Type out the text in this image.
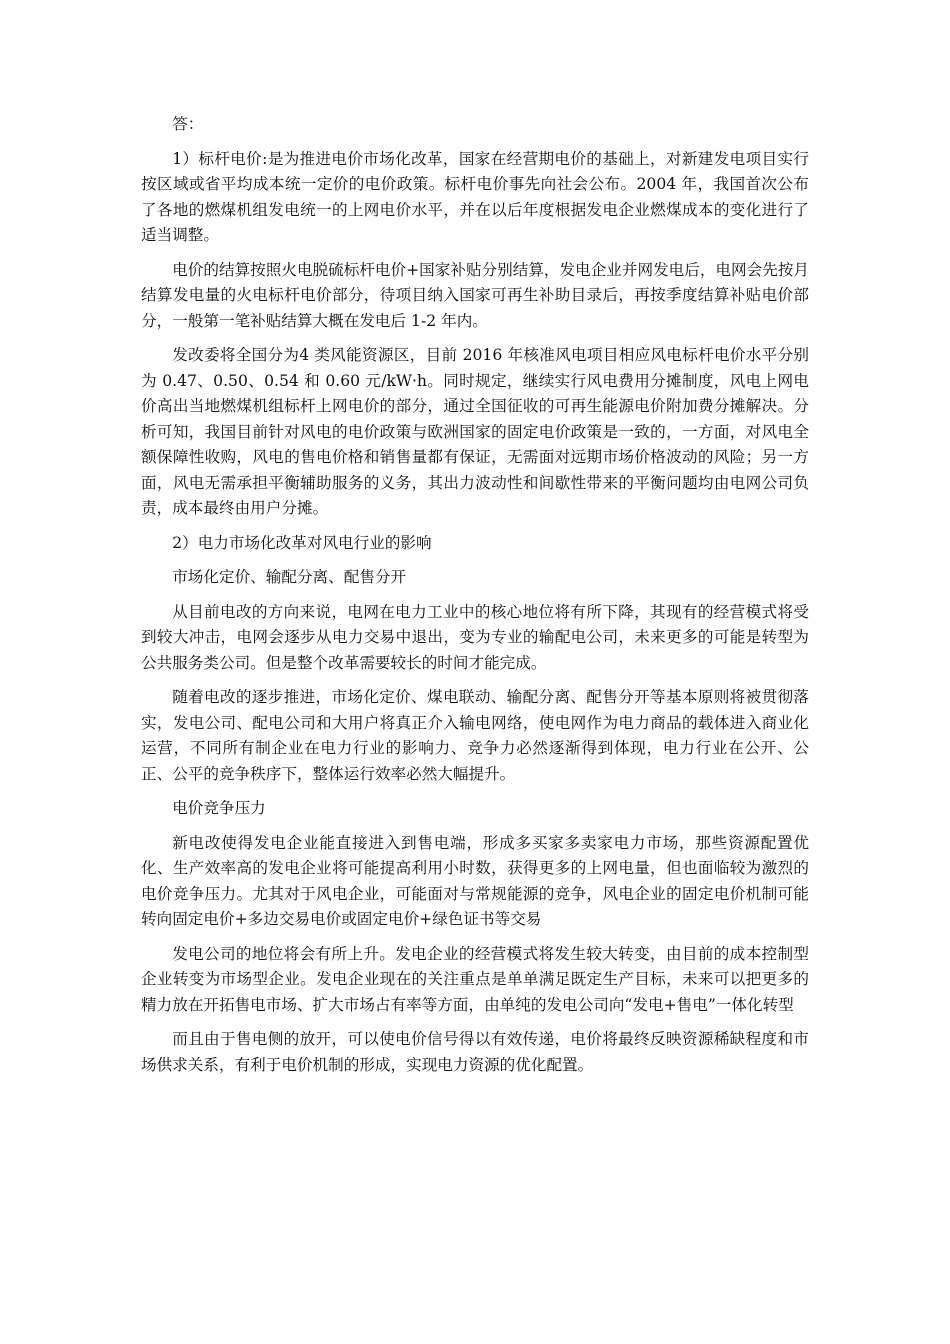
答：

1）标杆电价:是为推进电价市场化改革，国家在经营期电价的基础上，对新建发电项目实行按区域或省平均成本统一定价的电价政策。标杆电价事先向社会公布。2004 年，我国首次公布了各地的燃煤机组发电统一的上网电价水平，并在以后年度根据发电企业燃煤成本的变化进行了适当调整。

电价的结算按照火电脱硫标杆电价+国家补贴分别结算，发电企业并网发电后，电网会先按月结算发电量的火电标杆电价部分，待项目纳入国家可再生补助目录后，再按季度结算补贴电价部分，一般第一笔补贴结算大概在发电后 1-2 年内。

发改委将全国分为4 类风能资源区，目前 2016 年核准风电项目相应风电标杆电价水平分别为 0.47、0.50、0.54 和 0.60 元/kW·h。同时规定，继续实行风电费用分摊制度，风电上网电价高出当地燃煤机组标杆上网电价的部分，通过全国征收的可再生能源电价附加费分摊解决。分析可知，我国目前针对风电的电价政策与欧洲国家的固定电价政策是一致的，一方面，对风电全额保障性收购，风电的售电价格和销售量都有保证，无需面对远期市场价格波动的风险；另一方面，风电无需承担平衡辅助服务的义务，其出力波动性和间歇性带来的平衡问题均由电网公司负责，成本最终由用户分摊。

2）电力市场化改革对风电行业的影响

市场化定价、输配分离、配售分开

从目前电改的方向来说，电网在电力工业中的核心地位将有所下降，其现有的经营模式将受到较大冲击，电网会逐步从电力交易中退出，变为专业的输配电公司，未来更多的可能是转型为公共服务类公司。但是整个改革需要较长的时间才能完成。

随着电改的逐步推进，市场化定价、煤电联动、输配分离、配售分开等基本原则将被贯彻落实，发电公司、配电公司和大用户将真正介入输电网络，使电网作为电力商品的载体进入商业化运营，不同所有制企业在电力行业的影响力、竞争力必然逐渐得到体现，电力行业在公开、公正、公平的竞争秩序下，整体运行效率必然大幅提升。

电价竞争压力

新电改使得发电企业能直接进入到售电端，形成多买家多卖家电力市场，那些资源配置优化、生产效率高的发电企业将可能提高利用小时数，获得更多的上网电量，但也面临较为激烈的电价竞争压力。尤其对于风电企业，可能面对与常规能源的竞争，风电企业的固定电价机制可能转向固定电价+多边交易电价或固定电价+绿色证书等交易

发电公司的地位将会有所上升。发电企业的经营模式将发生较大转变，由目前的成本控制型企业转变为市场型企业。发电企业现在的关注重点是单单满足既定生产目标，未来可以把更多的精力放在开拓售电市场、扩大市场占有率等方面，由单纯的发电公司向“发电+售电”一体化转型

而且由于售电侧的放开，可以使电价信号得以有效传递，电价将最终反映资源稀缺程度和市场供求关系，有利于电价机制的形成，实现电力资源的优化配置。
